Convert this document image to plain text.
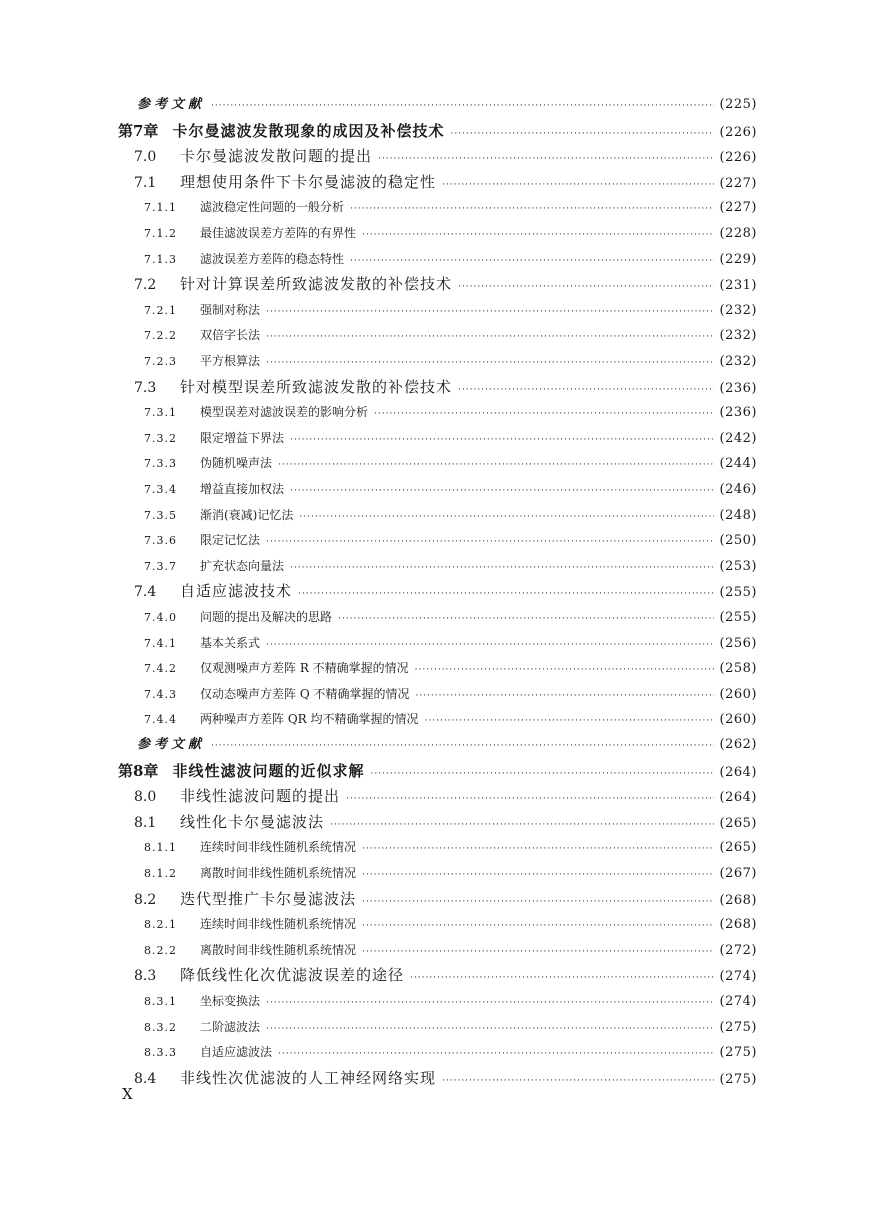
参考文献 ·····	(225)
第7章 卡尔曼滤波发散现象的成因及补偿技术 ·····	(226)
7.0	卡尔曼滤波发散问题的提出 ·····	(226)
7.1	理想使用条件下卡尔曼滤波的稳定性 ·····	(227)
7.1.1	滤波稳定性问题的一般分析 ·····	(227)
7.1.2	最佳滤波误差方差阵的有界性 ·····	(228)
7.1.3	滤波误差方差阵的稳态特性 ·····	(229)
7.2	针对计算误差所致滤波发散的补偿技术 ·····	(231)
7.2.1	强制对称法 ·····	(232)
7.2.2	双倍字长法 ·····	(232)
7.2.3	平方根算法 ·····	(232)
7.3	针对模型误差所致滤波发散的补偿技术 ·····	(236)
7.3.1	模型误差对滤波误差的影响分析 ·····	(236)
7.3.2	限定增益下界法 ·····	(242)
7.3.3	伪随机噪声法 ·····	(244)
7.3.4	增益直接加权法 ·····	(246)
7.3.5	渐消(衰减)记忆法 ·····	(248)
7.3.6	限定记忆法 ·····	(250)
7.3.7	扩充状态向量法 ·····	(253)
7.4	自适应滤波技术 ·····	(255)
7.4.0	问题的提出及解决的思路 ·····	(255)
7.4.1	基本关系式 ·····	(256)
7.4.2	仅观测噪声方差阵 R 不精确掌握的情况 ·····	(258)
7.4.3	仅动态噪声方差阵 Q 不精确掌握的情况 ·····	(260)
7.4.4	两种噪声方差阵 QR 均不精确掌握的情况 ·····	(260)
参考文献 ·····	(262)
第8章 非线性滤波问题的近似求解 ·····	(264)
8.0	非线性滤波问题的提出 ·····	(264)
8.1	线性化卡尔曼滤波法 ·····	(265)
8.1.1	连续时间非线性随机系统情况 ·····	(265)
8.1.2	离散时间非线性随机系统情况 ·····	(267)
8.2	迭代型推广卡尔曼滤波法 ·····	(268)
8.2.1	连续时间非线性随机系统情况 ·····	(268)
8.2.2	离散时间非线性随机系统情况 ·····	(272)
8.3	降低线性化次优滤波误差的途径 ·····	(274)
8.3.1	坐标变换法 ·····	(274)
8.3.2	二阶滤波法 ·····	(275)
8.3.3	自适应滤波法 ·····	(275)
8.4	非线性次优滤波的人工神经网络实现 ·····	(275)
X
